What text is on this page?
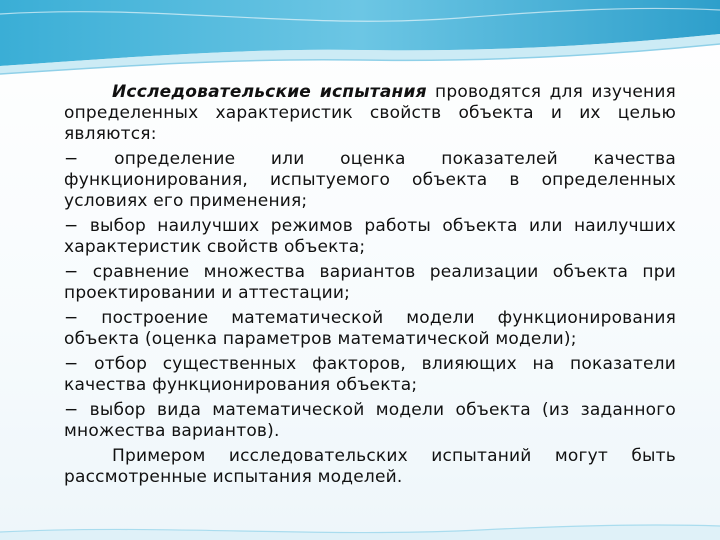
Исследовательские испытания проводятся для изучения определенных характеристик свойств объекта и их целью являются:

− определение или оценка показателей качества функционирования, испытуемого объекта в определенных условиях его применения;

− выбор наилучших режимов работы объекта или наилучших характеристик свойств объекта;

− сравнение множества вариантов реализации объекта при проектировании и аттестации;

− построение математической модели функционирования объекта (оценка параметров математической модели);

− отбор существенных факторов, влияющих на показатели качества функционирования объекта;

− выбор вида математической модели объекта (из заданного множества вариантов).

Примером исследовательских испытаний могут быть рассмотренные испытания моделей.
